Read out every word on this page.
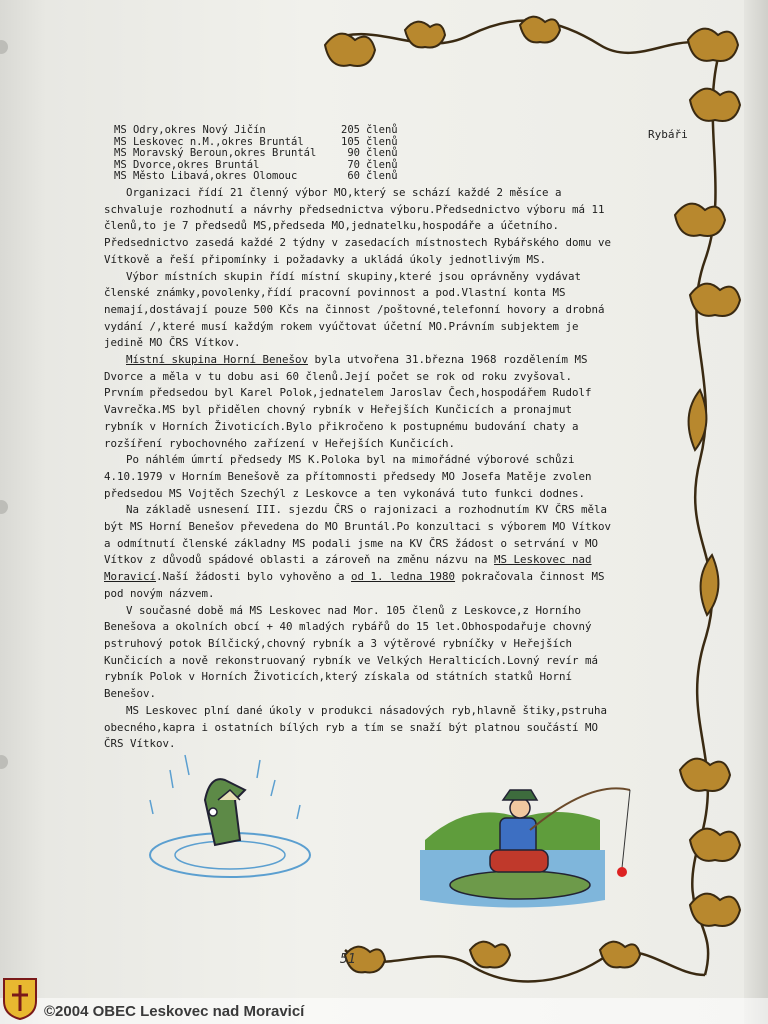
Rybáři
MS Odry,okres Nový Jičín	205 členů
MS Leskovec n.M.,okres Bruntál	105 členů
MS Moravský Beroun,okres Bruntál	90 členů
MS Dvorce,okres Bruntál	70 členů
MS Město Libavá,okres Olomouc	60 členů

Organizaci řídí 21 členný výbor MO,který se schází každé 2 měsíce a schvaluje rozhodnutí a návrhy předsednictva výboru.Předsednictvo výboru má 11 členů,to je 7 předsedů MS,předseda MO,jednatelku,hospodáře a účetního. Předsednictvo zasedá každé 2 týdny v zasedacích místnostech Rybářského domu ve Vítkově a řeší připomínky i požadavky a ukládá úkoly jednotlivým MS.

Výbor místních skupin řídí místní skupiny,které jsou oprávněny vydávat členské známky,povolenky,řídí pracovní povinnost a pod.Vlastní konta MS nemají,dostávají pouze 500 Kčs na činnost /poštovné,telefonní hovory a drobná vydání /,které musí každým rokem vyúčtovat účetní MO.Právním subjektem je jedině MO ČRS Vítkov.

Místní skupina Horní Benešov byla utvořena 31.března 1968 rozdělením MS Dvorce a měla v tu dobu asi 60 členů.Její počet se rok od roku zvyšoval. Prvním předsedou byl Karel Polok,jednatelem Jaroslav Čech,hospodářem Rudolf Vavrečka.MS byl přidělen chovný rybník v Heřejších Kunčicích a pronajmut rybník v Horních Životicích.Bylo přikročeno k postupnému budování chaty a rozšíření rybochovného zařízení v Heřejších Kunčicích.

Po náhlém úmrtí předsedy MS K.Poloka byl na mimořádné výborové schůzi 4.10.1979 v Horním Benešově za přítomnosti předsedy MO Josefa Matěje zvolen předsedou MS Vojtěch Szechýl z Leskovce a ten vykonává tuto funkci dodnes.

Na základě usnesení III. sjezdu ČRS o rajonizaci a rozhodnutím KV ČRS měla být MS Horní Benešov převedena do MO Bruntál.Po konzultaci s výborem MO Vítkov a odmítnutí členské základny MS podali jsme na KV ČRS žádost o setrvání v MO Vítkov z důvodů spádové oblasti a zároveň na změnu názvu na MS Leskovec nad Moravicí.Naší žádosti bylo vyhověno a od 1. ledna 1980 pokračovala činnost MS pod novým názvem.

V současné době má MS Leskovec nad Mor. 105 členů z Leskovce,z Horního Benešova a okolních obcí + 40 mladých rybářů do 15 let.Obhospodařuje chovný pstruhový potok Bílčický,chovný rybník a 3 výtěrové rybníčky v Heřejších Kunčicích a nově rekonstruovaný rybník ve Velkých Heralticích.Lovný revír má rybník Polok v Horních Životicích,který získala od státních statků Horní Benešov.

MS Leskovec plní dané úkoly v produkci násadových ryb,hlavně štiky,pstruha obecného,kapra i ostatních bílých ryb a tím se snaží být platnou součástí MO ČRS Vítkov.

51
©2004 OBEC Leskovec nad Moravicí
